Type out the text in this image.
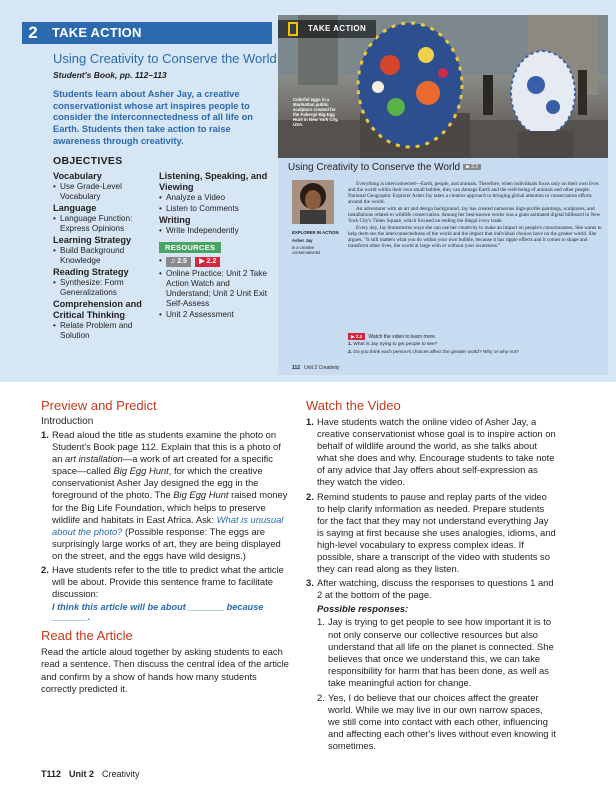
2	TAKE ACTION
Using Creativity to Conserve the World
Student's Book, pp. 112–113
Students learn about Asher Jay, a creative conservationist whose art inspires people to consider the interconnectedness of all life on Earth. Students then take action to raise awareness through creativity.
OBJECTIVES
Vocabulary
• Use Grade-Level Vocabulary
Language
• Language Function: Express Opinions
Learning Strategy
• Build Background Knowledge
Reading Strategy
• Synthesize: Form Generalizations
Comprehension and Critical Thinking
• Relate Problem and Solution
Listening, Speaking, and Viewing
• Analyze a Video
• Listen to Comments
Writing
• Write Independently
RESOURCES
• ♫ 2.5 ▶ 2.2
• Online Practice: Unit 2 Take Action Watch and Understand; Unit 2 Unit Exit Self-Assess
• Unit 2 Assessment
TAKE ACTION
Colorful eggs in a Manhattan public sculpture created for the Fabergé Big Egg Hunt in New York City, USA.
Using Creativity to Conserve the World ▶ 2.2
EXPLORER IN ACTION
Asher Jay
is a creative conservationist.

Everything is interconnected—Earth, people, and animals. Therefore, when individuals focus only on their own lives and the world within their own small bubble, they can damage Earth and the well-being of animals and other people. National Geographic Explorer Asher Jay takes a creative approach to bringing global attention to conservation efforts around the world.

An adventurer with an art and design background, Jay has created numerous high-profile paintings, sculptures, and installations related to wildlife conservation. Among her best-known works was a giant animated digital billboard in New York City's Times Square, which focused on ending the illegal ivory trade.

Every day, Jay brainstorms ways she can use her creativity to make an impact on people's consciousness. She wants to help them see the interconnectedness of the world and the impact that individual choices have on the greater world. She argues, "It still matters what you do within your own bubble, because it has ripple effects and it comes to shape and transform other lives, the world at large with or without your awareness."

▶ 2.2 Watch the video to learn more.
1. What is Jay trying to get people to see?
2. Do you think each person's choices affect the greater world? Why or why not?
112 Unit 2 Creativity
Preview and Predict
Introduction
1. Read aloud the title as students examine the photo on Student's Book page 112. Explain that this is a photo of an art installation—a work of art created for a specific space—called Big Egg Hunt, for which the creative conservationist Asher Jay designed the egg in the foreground of the photo. The Big Egg Hunt raised money for the Big Life Foundation, which helps to preserve wildlife and habitats in East Africa. Ask: What is unusual about the photo? (Possible response: The eggs are surprisingly large works of art, they are being displayed on the street, and the eggs have wild designs.)
2. Have students refer to the title to predict what the article will be about. Provide this sentence frame to facilitate discussion:
I think this article will be about _______ because _______.
Read the Article

Read the article aloud together by asking students to each read a sentence. Then discuss the central idea of the article and confirm by a show of hands how many students correctly predicted it.

Watch the Video
1. Have students watch the online video of Asher Jay, a creative conservationist whose goal is to inspire action on behalf of wildlife around the world, as she talks about what she does and why. Encourage students to take note of any advice that Jay offers about self-expression as they watch the video.
2. Remind students to pause and replay parts of the video to help clarify information as needed. Prepare students for the fact that they may not understand everything Jay is saying at first because she uses analogies, idioms, and high-level vocabulary to express complex ideas. If possible, share a transcript of the video with students so they can read along as they listen.
3. After watching, discuss the responses to questions 1 and 2 at the bottom of the page.
Possible responses:
1. Jay is trying to get people to see how important it is to not only conserve our collective resources but also understand that all life on the planet is connected. She believes that once we understand this, we can take responsibility for harm that has been done, as well as take meaningful action for change.
2. Yes, I do believe that our choices affect the greater world. While we may live in our own narrow spaces, we still come into contact with each other, influencing and affecting each other's lives without even knowing it sometimes.
T112 Unit 2 Creativity
